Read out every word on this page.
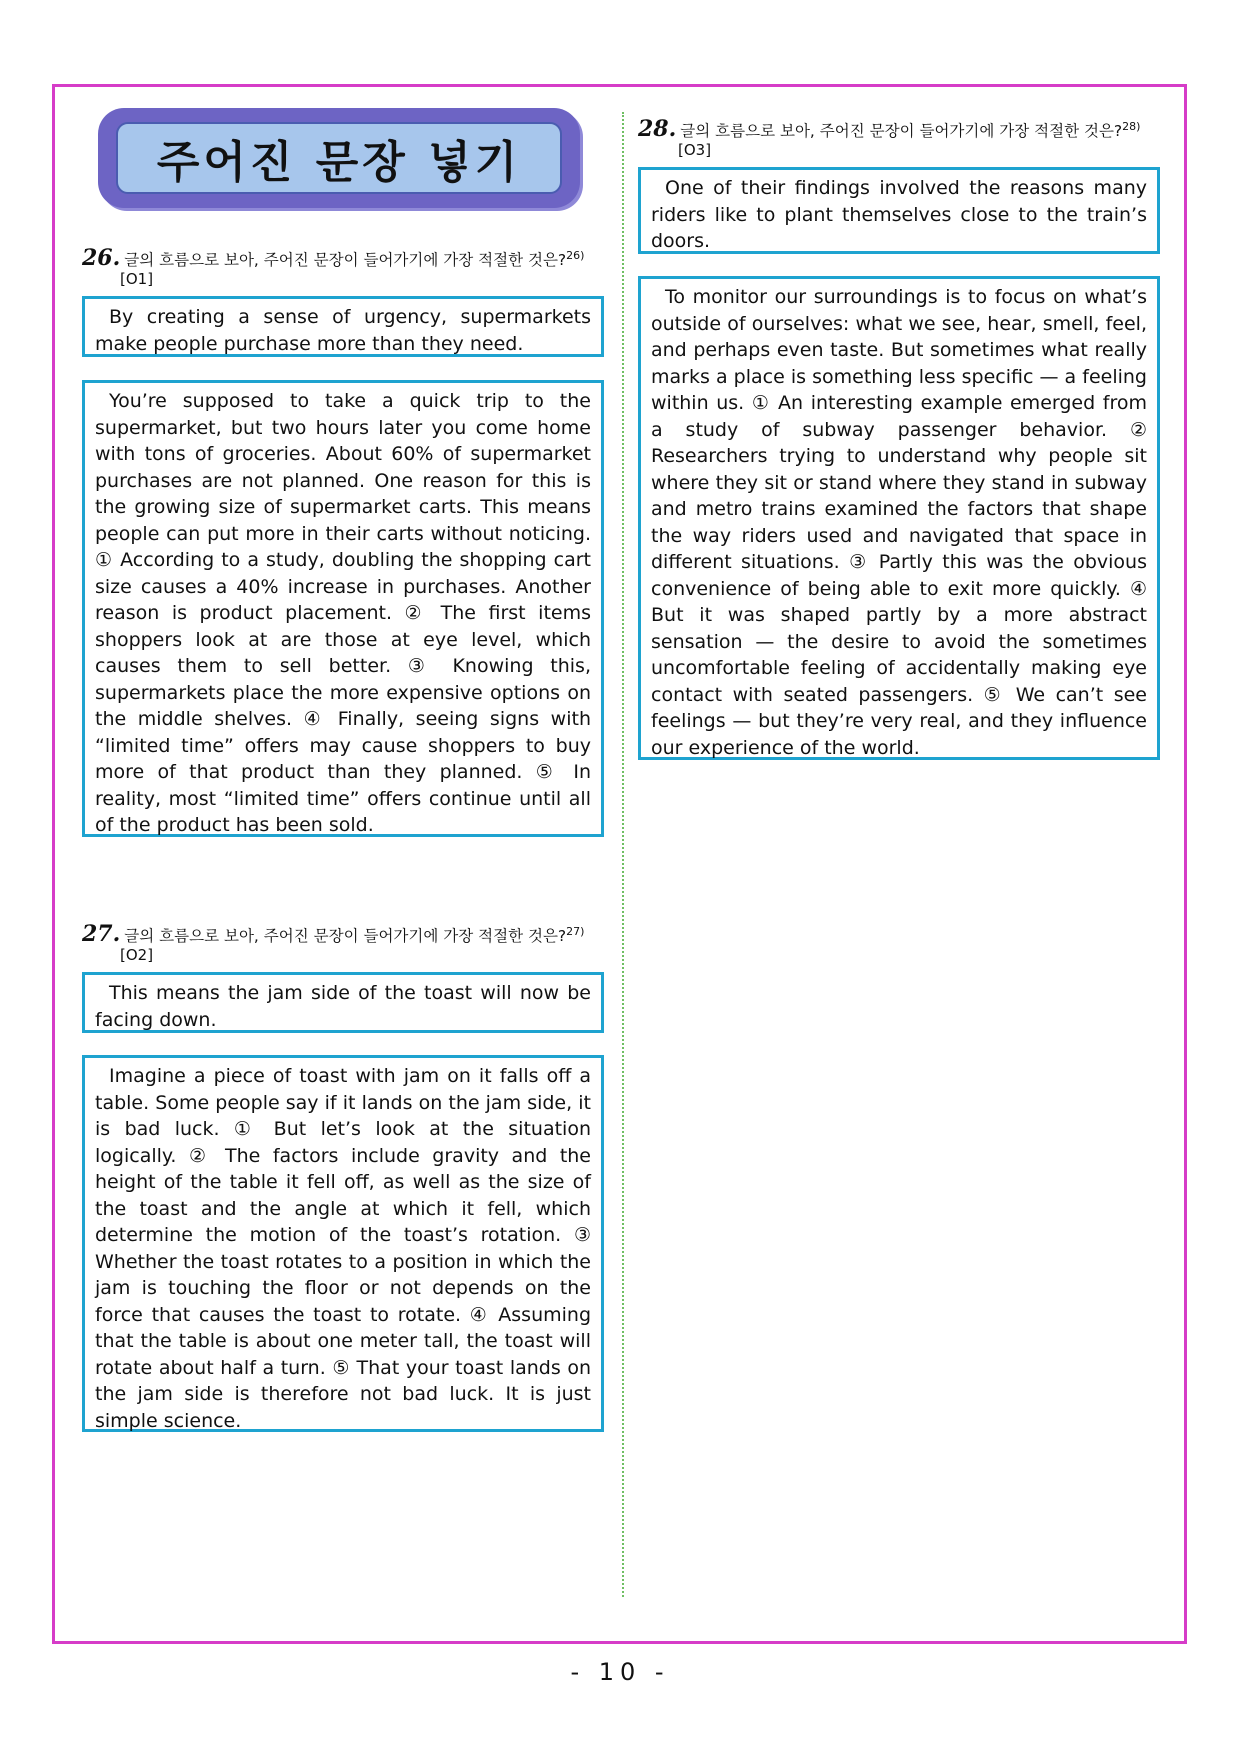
주어진 문장 넣기
26. 글의 흐름으로 보아, 주어진 문장이 들어가기에 가장 적절한 것은?$^{26)}$
[O1]

By creating a sense of urgency, supermarkets make people purchase more than they need.

You’re supposed to take a quick trip to the supermarket, but two hours later you come home with tons of groceries. About 60% of supermarket purchases are not planned. One reason for this is the growing size of supermarket carts. This means people can put more in their carts without noticing. ① According to a study, doubling the shopping cart size causes a 40% increase in purchases. Another reason is product placement. ② The first items shoppers look at are those at eye level, which causes them to sell better. ③ Knowing this, supermarkets place the more expensive options on the middle shelves. ④ Finally, seeing signs with “limited time” offers may cause shoppers to buy more of that product than they planned. ⑤ In reality, most “limited time” offers continue until all of the product has been sold.

27. 글의 흐름으로 보아, 주어진 문장이 들어가기에 가장 적절한 것은?$^{27)}$
[O2]

This means the jam side of the toast will now be facing down.

Imagine a piece of toast with jam on it falls off a table. Some people say if it lands on the jam side, it is bad luck. ① But let’s look at the situation logically. ② The factors include gravity and the height of the table it fell off, as well as the size of the toast and the angle at which it fell, which determine the motion of the toast’s rotation. ③ Whether the toast rotates to a position in which the jam is touching the floor or not depends on the force that causes the toast to rotate. ④ Assuming that the table is about one meter tall, the toast will rotate about half a turn. ⑤ That your toast lands on the jam side is therefore not bad luck. It is just simple science.

28. 글의 흐름으로 보아, 주어진 문장이 들어가기에 가장 적절한 것은?$^{28)}$
[O3]

One of their findings involved the reasons many riders like to plant themselves close to the train’s doors.

To monitor our surroundings is to focus on what’s outside of ourselves: what we see, hear, smell, feel, and perhaps even taste. But sometimes what really marks a place is something less specific — a feeling within us. ① An interesting example emerged from a study of subway passenger behavior. ② Researchers trying to understand why people sit where they sit or stand where they stand in subway and metro trains examined the factors that shape the way riders used and navigated that space in different situations. ③ Partly this was the obvious convenience of being able to exit more quickly. ④ But it was shaped partly by a more abstract sensation — the desire to avoid the sometimes uncomfortable feeling of accidentally making eye contact with seated passengers. ⑤ We can’t see feelings — but they’re very real, and they influence our experience of the world.

- 10 -
